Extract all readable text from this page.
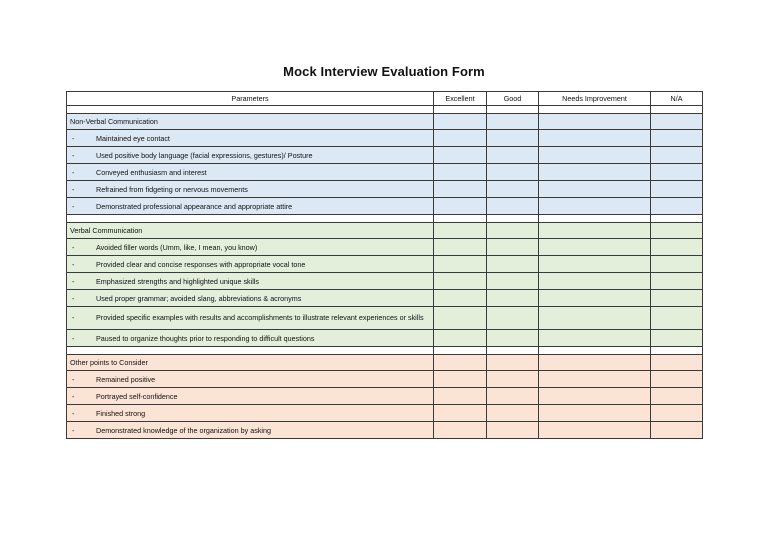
Mock Interview Evaluation Form
Parameters	Excellent	Good	Needs Improvement	N/A

Non-Verbal Communication				
- Maintained eye contact				
- Used positive body language (facial expressions, gestures)/ Posture				
- Conveyed enthusiasm and interest				
- Refrained from fidgeting or nervous movements				
- Demonstrated professional appearance and appropriate attire				

Verbal Communication				
- Avoided filler words (Umm, like, I mean, you know)				
- Provided clear and concise responses with appropriate vocal tone				
- Emphasized strengths and highlighted unique skills				
- Used proper grammar; avoided slang, abbreviations & acronyms				
- Provided specific examples with results and accomplishments to illustrate relevant experiences or skills				
- Paused to organize thoughts prior to responding to difficult questions				

Other points to Consider				
- Remained positive				
- Portrayed self-confidence				
- Finished strong				
- Demonstrated knowledge of the organization by asking				
